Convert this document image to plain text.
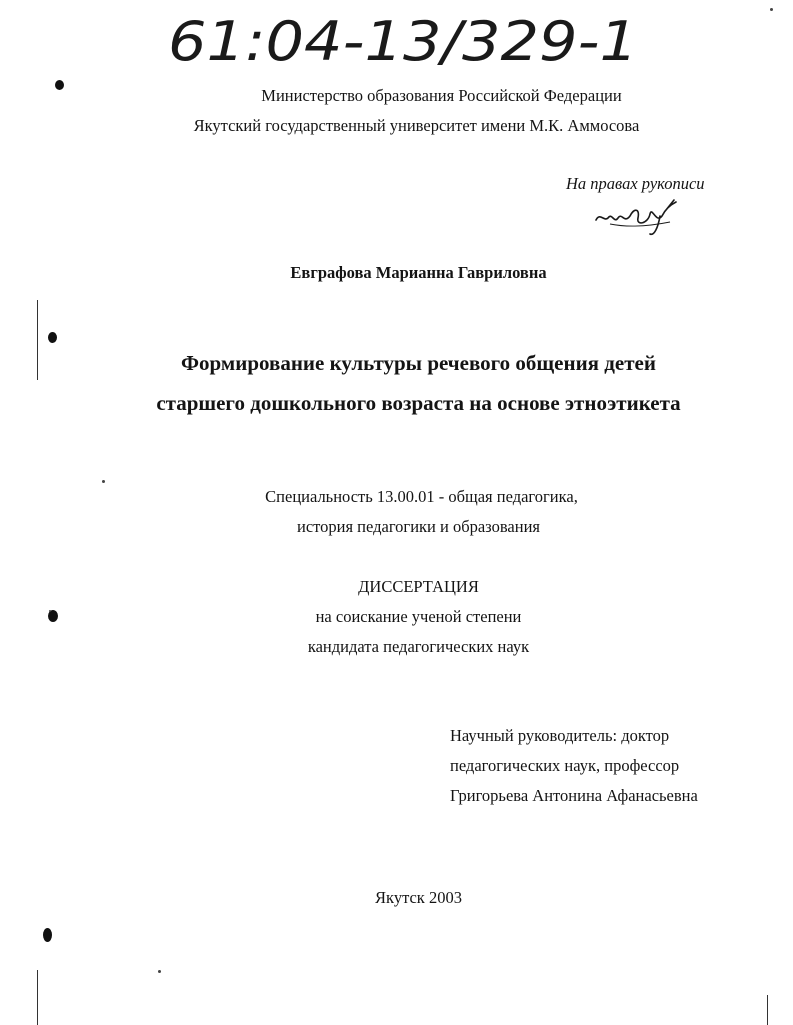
61:04-13/329-1
Министерство образования Российской Федерации
Якутский государственный университет имени М.К. Аммосова
На правах рукописи
Евграфова Марианна Гавриловна
Формирование культуры речевого общения детей
старшего дошкольного возраста на основе этноэтикета
Специальность 13.00.01 - общая педагогика,
история педагогики и образования
ДИССЕРТАЦИЯ
на соискание ученой степени
кандидата педагогических наук
Научный руководитель: доктор
педагогических наук, профессор
Григорьева Антонина Афанасьевна
Якутск 2003
